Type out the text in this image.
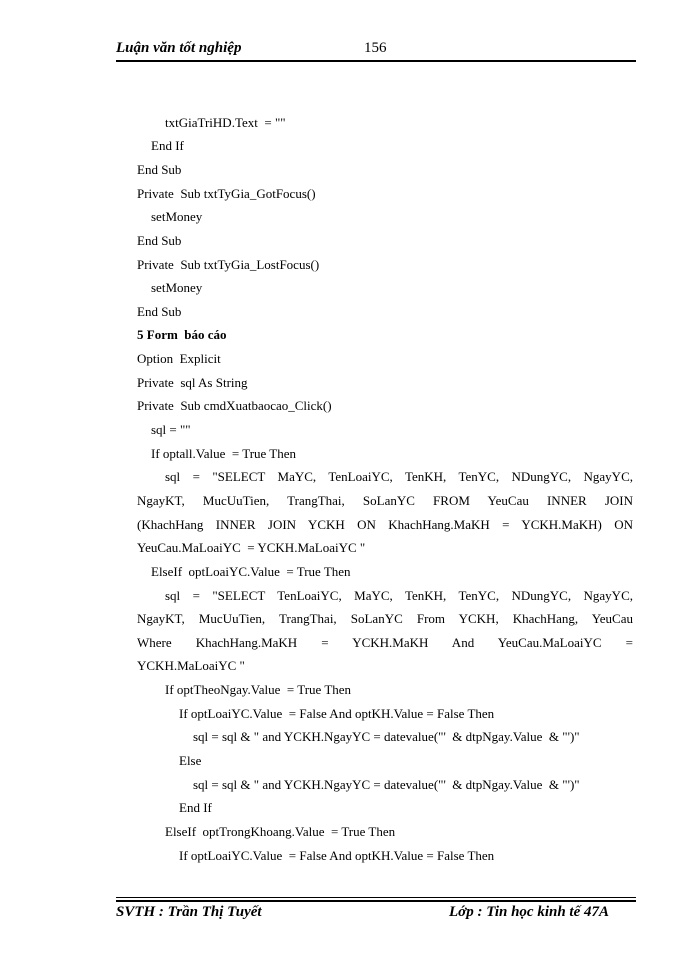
Luận văn tốt nghiệp	156
txtGiaTriHD.Text  = ""
End If
End Sub
Private  Sub txtTyGia_GotFocus()
setMoney
End Sub
Private  Sub txtTyGia_LostFocus()
setMoney
End Sub
5 Form  báo cáo
Option  Explicit
Private  sql As String
Private  Sub cmdXuatbaocao_Click()
sql = ""
If optall.Value  = True Then
sql = "SELECT MaYC, TenLoaiYC, TenKH, TenYC, NDungYC, NgayYC,
NgayKT, MucUuTien, TrangThai, SoLanYC FROM YeuCau INNER JOIN
(KhachHang INNER JOIN YCKH ON KhachHang.MaKH = YCKH.MaKH) ON
YeuCau.MaLoaiYC  = YCKH.MaLoaiYC "
ElseIf  optLoaiYC.Value  = True Then
sql = "SELECT TenLoaiYC, MaYC, TenKH, TenYC, NDungYC, NgayYC,
NgayKT, MucUuTien, TrangThai, SoLanYC From YCKH, KhachHang, YeuCau
Where KhachHang.MaKH = YCKH.MaKH And YeuCau.MaLoaiYC =
YCKH.MaLoaiYC "
If optTheoNgay.Value  = True Then
If optLoaiYC.Value  = False And optKH.Value = False Then
sql = sql & " and YCKH.NgayYC = datevalue("'  & dtpNgay.Value  & "')"
Else
sql = sql & " and YCKH.NgayYC = datevalue("'  & dtpNgay.Value  & "')"
End If
ElseIf  optTrongKhoang.Value  = True Then
If optLoaiYC.Value  = False And optKH.Value = False Then
SVTH : Trần Thị Tuyết	Lớp : Tin học kinh tế 47A
